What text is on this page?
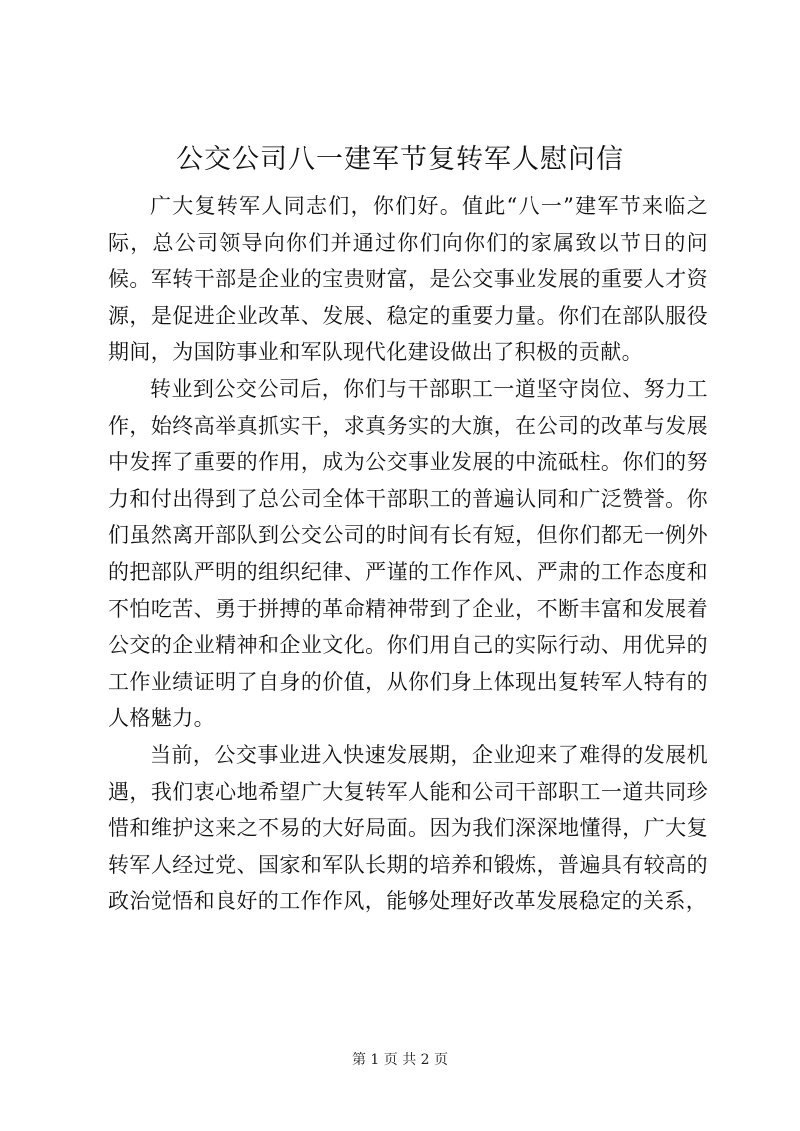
公交公司八一建军节复转军人慰问信

广大复转军人同志们，你们好。值此“八一”建军节来临之际，总公司领导向你们并通过你们向你们的家属致以节日的问候。军转干部是企业的宝贵财富，是公交事业发展的重要人才资源，是促进企业改革、发展、稳定的重要力量。你们在部队服役期间，为国防事业和军队现代化建设做出了积极的贡献。

转业到公交公司后，你们与干部职工一道坚守岗位、努力工作，始终高举真抓实干，求真务实的大旗，在公司的改革与发展中发挥了重要的作用，成为公交事业发展的中流砥柱。你们的努力和付出得到了总公司全体干部职工的普遍认同和广泛赞誉。你们虽然离开部队到公交公司的时间有长有短，但你们都无一例外的把部队严明的组织纪律、严谨的工作作风、严肃的工作态度和不怕吃苦、勇于拼搏的革命精神带到了企业，不断丰富和发展着公交的企业精神和企业文化。你们用自己的实际行动、用优异的工作业绩证明了自身的价值，从你们身上体现出复转军人特有的人格魅力。

当前，公交事业进入快速发展期，企业迎来了难得的发展机遇，我们衷心地希望广大复转军人能和公司干部职工一道共同珍惜和维护这来之不易的大好局面。因为我们深深地懂得，广大复转军人经过党、国家和军队长期的培养和锻炼，普遍具有较高的政治觉悟和良好的工作作风，能够处理好改革发展稳定的关系，

第 1 页 共 2 页
